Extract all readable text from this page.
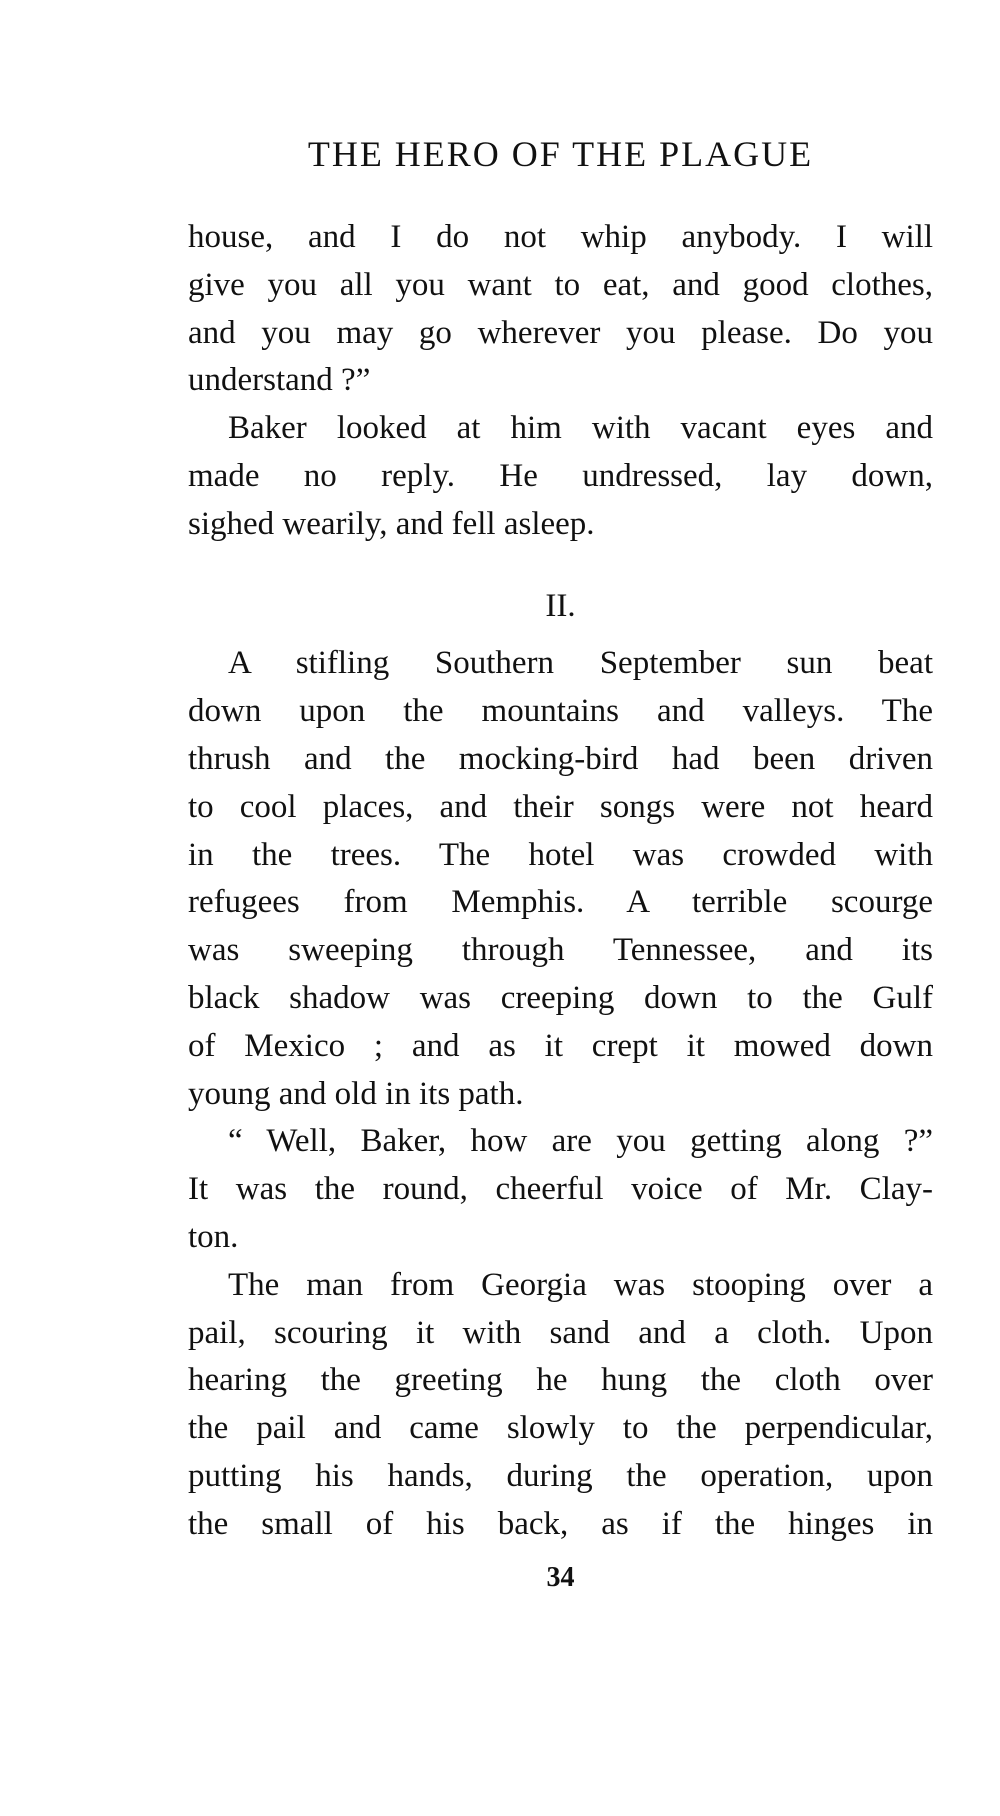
THE HERO OF THE PLAGUE

house, and I do not whip anybody. I will
give you all you want to eat, and good clothes,
and you may go wherever you please. Do you
understand ?”

Baker looked at him with vacant eyes and
made no reply. He undressed, lay down,
sighed wearily, and fell asleep.

II.

A stifling Southern September sun beat
down upon the mountains and valleys. The
thrush and the mocking-bird had been driven
to cool places, and their songs were not heard
in the trees. The hotel was crowded with
refugees from Memphis. A terrible scourge
was sweeping through Tennessee, and its
black shadow was creeping down to the Gulf
of Mexico ; and as it crept it mowed down
young and old in its path.

“ Well, Baker, how are you getting along ?”
It was the round, cheerful voice of Mr. Clay-
ton.

The man from Georgia was stooping over a
pail, scouring it with sand and a cloth. Upon
hearing the greeting he hung the cloth over
the pail and came slowly to the perpendicular,
putting his hands, during the operation, upon
the small of his back, as if the hinges in

34
